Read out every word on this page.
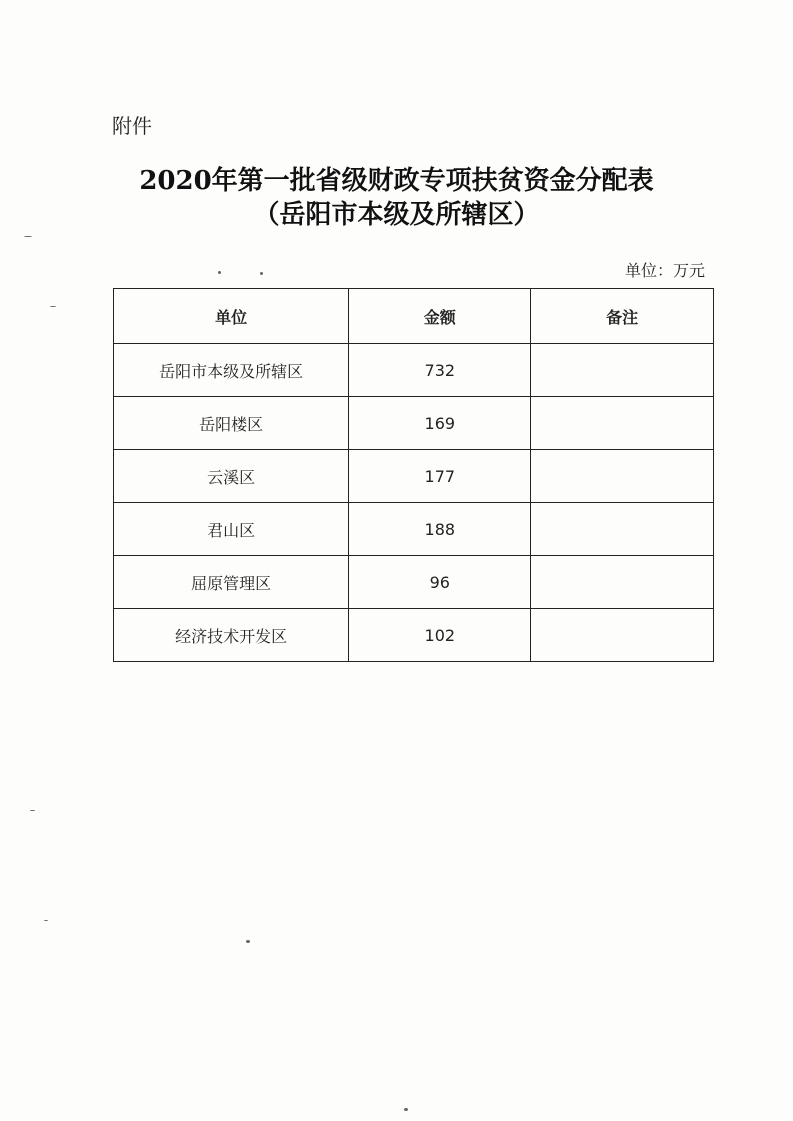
附件
2020年第一批省级财政专项扶贫资金分配表
（岳阳市本级及所辖区）
单位：万元
单位	金额	备注
岳阳市本级及所辖区	732	
岳阳楼区	169	
云溪区	177	
君山区	188	
屈原管理区	96	
经济技术开发区	102	
